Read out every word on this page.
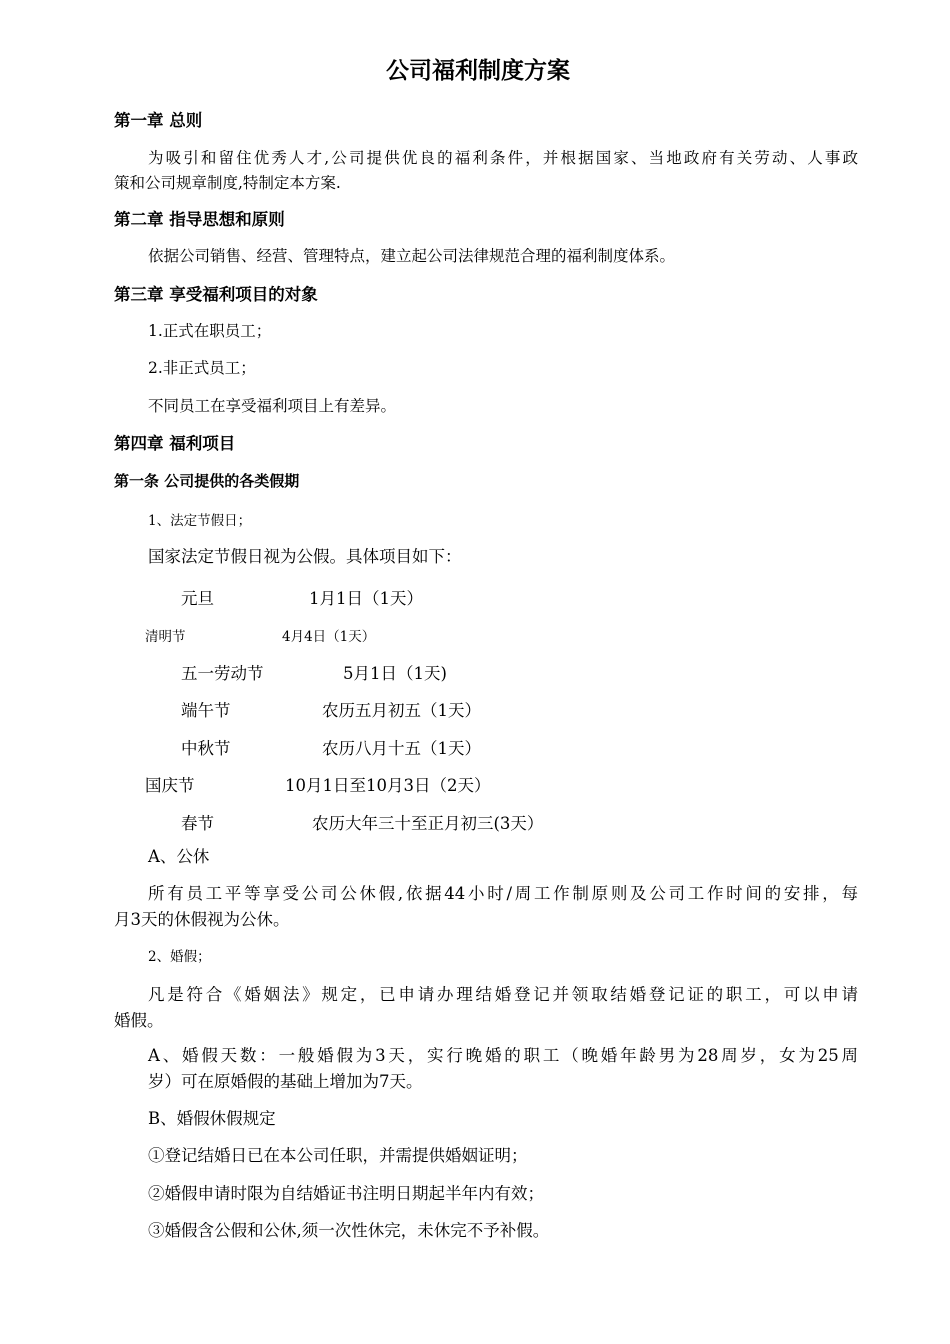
公司福利制度方案
第一章 总则
为吸引和留住优秀人才,公司提供优良的福利条件，并根据国家、当地政府有关劳动、人事政
策和公司规章制度,特制定本方案.
第二章 指导思想和原则
依据公司销售、经营、管理特点，建立起公司法律规范合理的福利制度体系。
第三章 享受福利项目的对象
1.正式在职员工；
2.非正式员工；
不同员工在享受福利项目上有差异。
第四章 福利项目
第一条 公司提供的各类假期
1、法定节假日；
国家法定节假日视为公假。具体项目如下：
元旦	1月1日（1天）
清明节	4月4日（1天）
五一劳动节	5月1日（1天)
端午节	农历五月初五（1天）
中秋节	农历八月十五（1天）
国庆节	10月1日至10月3日（2天）
春节	农历大年三十至正月初三(3天）
A、公休
所有员工平等享受公司公休假,依据44小时/周工作制原则及公司工作时间的安排，每
月3天的休假视为公休。
2、婚假；
凡是符合《婚姻法》规定，已申请办理结婚登记并领取结婚登记证的职工，可以申请
婚假。
A、婚假天数：一般婚假为3天，实行晚婚的职工（晚婚年龄男为28周岁，女为25周
岁）可在原婚假的基础上增加为7天。
B、婚假休假规定
①登记结婚日已在本公司任职，并需提供婚姻证明；
②婚假申请时限为自结婚证书注明日期起半年内有效；
③婚假含公假和公休,须一次性休完，未休完不予补假。
